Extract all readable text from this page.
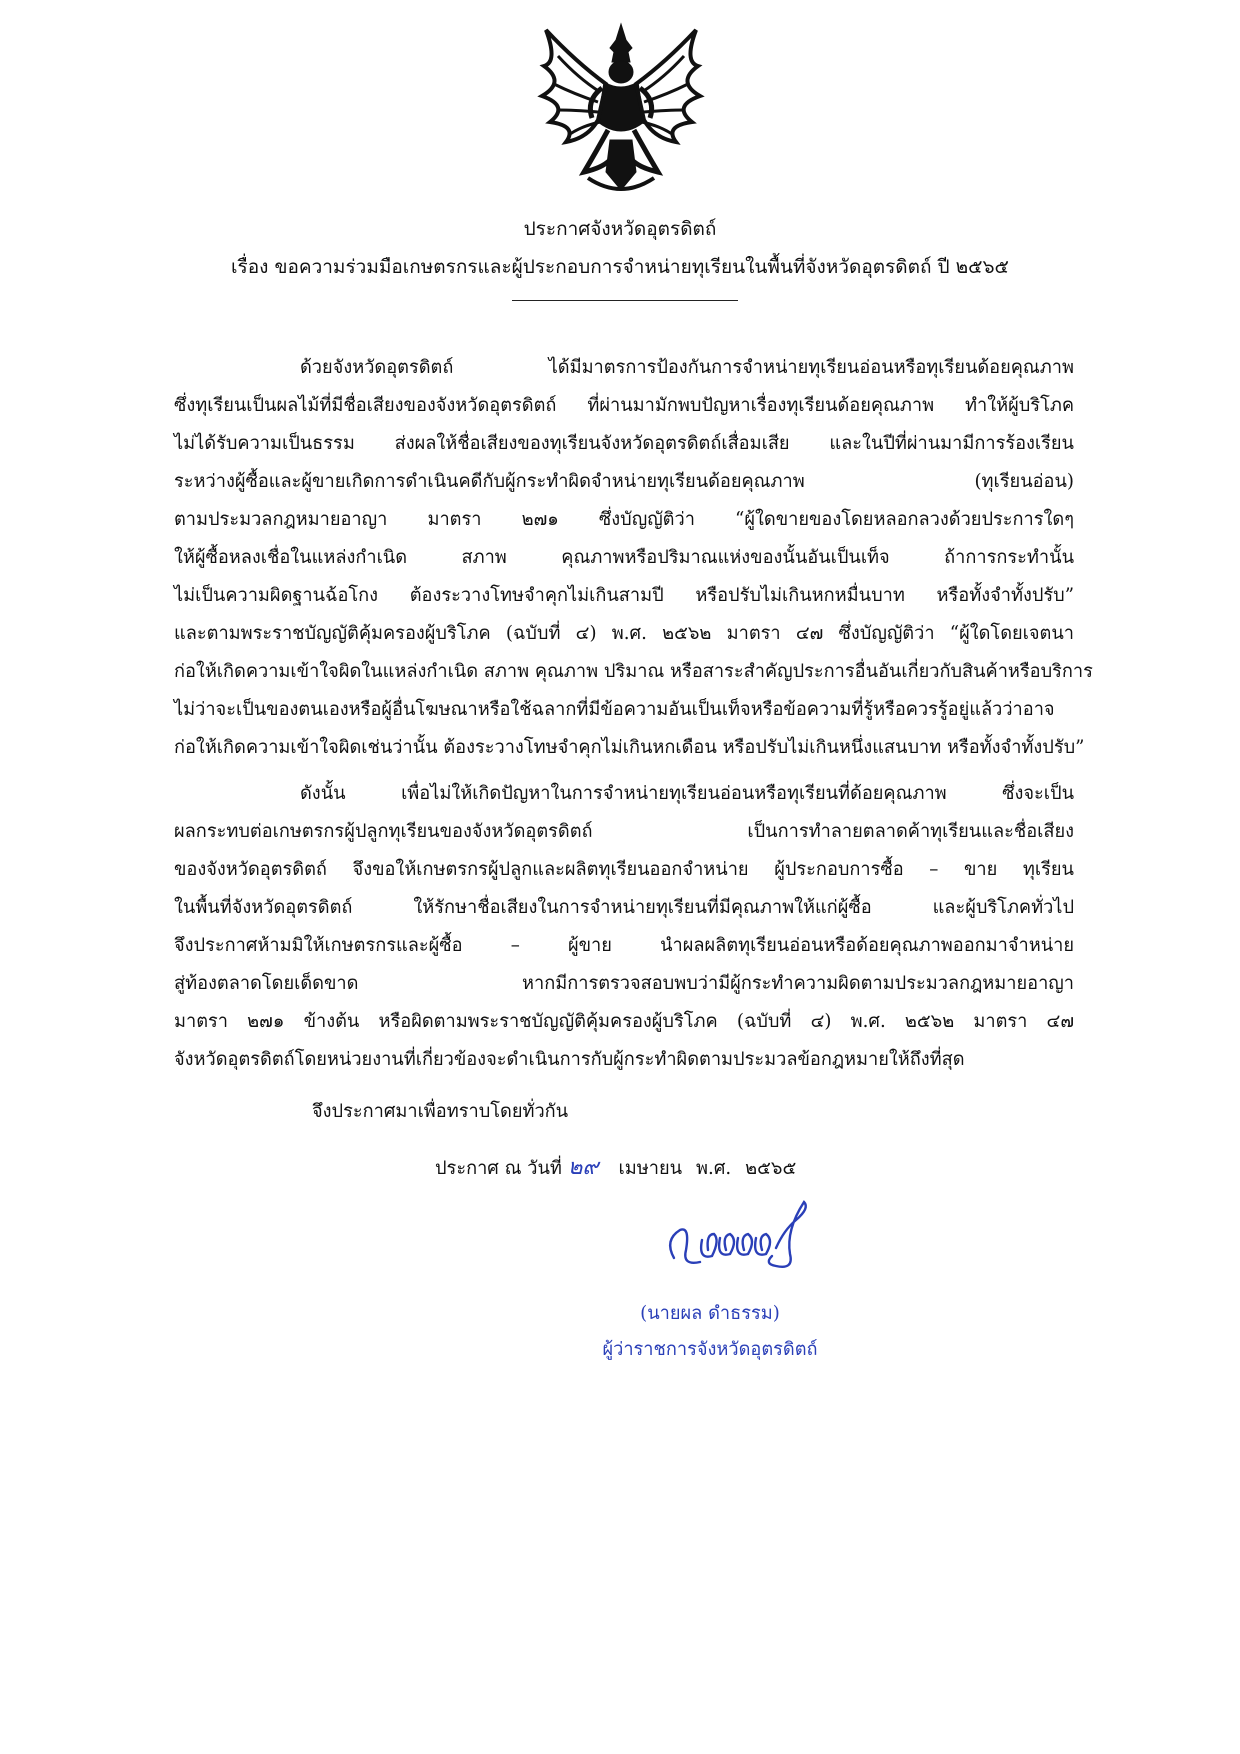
ประกาศจังหวัดอุตรดิตถ์
เรื่อง ขอความร่วมมือเกษตรกรและผู้ประกอบการจำหน่ายทุเรียนในพื้นที่จังหวัดอุตรดิตถ์ ปี ๒๕๖๕
ด้วยจังหวัดอุตรดิตถ์ ได้มีมาตรการป้องกันการจำหน่ายทุเรียนอ่อนหรือทุเรียนด้อยคุณภาพ
ซึ่งทุเรียนเป็นผลไม้ที่มีชื่อเสียงของจังหวัดอุตรดิตถ์ ที่ผ่านมามักพบปัญหาเรื่องทุเรียนด้อยคุณภาพ ทำให้ผู้บริโภค
ไม่ได้รับความเป็นธรรม ส่งผลให้ชื่อเสียงของทุเรียนจังหวัดอุตรดิตถ์เสื่อมเสีย และในปีที่ผ่านมามีการร้องเรียน
ระหว่างผู้ซื้อและผู้ขายเกิดการดำเนินคดีกับผู้กระทำผิดจำหน่ายทุเรียนด้อยคุณภาพ (ทุเรียนอ่อน)
ตามประมวลกฎหมายอาญา มาตรา ๒๗๑ ซึ่งบัญญัติว่า “ผู้ใดขายของโดยหลอกลวงด้วยประการใดๆ
ให้ผู้ซื้อหลงเชื่อในแหล่งกำเนิด สภาพ คุณภาพหรือปริมาณแห่งของนั้นอันเป็นเท็จ ถ้าการกระทำนั้น
ไม่เป็นความผิดฐานฉ้อโกง ต้องระวางโทษจำคุกไม่เกินสามปี หรือปรับไม่เกินหกหมื่นบาท หรือทั้งจำทั้งปรับ”
และตามพระราชบัญญัติคุ้มครองผู้บริโภค (ฉบับที่ ๔) พ.ศ. ๒๕๖๒ มาตรา ๔๗ ซึ่งบัญญัติว่า “ผู้ใดโดยเจตนา
ก่อให้เกิดความเข้าใจผิดในแหล่งกำเนิด สภาพ คุณภาพ ปริมาณ หรือสาระสำคัญประการอื่นอันเกี่ยวกับสินค้าหรือบริการ
ไม่ว่าจะเป็นของตนเองหรือผู้อื่นโฆษณาหรือใช้ฉลากที่มีข้อความอันเป็นเท็จหรือข้อความที่รู้หรือควรรู้อยู่แล้วว่าอาจ
ก่อให้เกิดความเข้าใจผิดเช่นว่านั้น ต้องระวางโทษจำคุกไม่เกินหกเดือน หรือปรับไม่เกินหนึ่งแสนบาท หรือทั้งจำทั้งปรับ”
ดังนั้น เพื่อไม่ให้เกิดปัญหาในการจำหน่ายทุเรียนอ่อนหรือทุเรียนที่ด้อยคุณภาพ ซึ่งจะเป็น
ผลกระทบต่อเกษตรกรผู้ปลูกทุเรียนของจังหวัดอุตรดิตถ์ เป็นการทำลายตลาดค้าทุเรียนและชื่อเสียง
ของจังหวัดอุตรดิตถ์ จึงขอให้เกษตรกรผู้ปลูกและผลิตทุเรียนออกจำหน่าย ผู้ประกอบการซื้อ – ขาย ทุเรียน
ในพื้นที่จังหวัดอุตรดิตถ์ ให้รักษาชื่อเสียงในการจำหน่ายทุเรียนที่มีคุณภาพให้แก่ผู้ซื้อ และผู้บริโภคทั่วไป
จึงประกาศห้ามมิให้เกษตรกรและผู้ซื้อ – ผู้ขาย นำผลผลิตทุเรียนอ่อนหรือด้อยคุณภาพออกมาจำหน่าย
สู่ท้องตลาดโดยเด็ดขาด หากมีการตรวจสอบพบว่ามีผู้กระทำความผิดตามประมวลกฎหมายอาญา
มาตรา ๒๗๑ ข้างต้น หรือผิดตามพระราชบัญญัติคุ้มครองผู้บริโภค (ฉบับที่ ๔) พ.ศ. ๒๕๖๒ มาตรา ๔๗
จังหวัดอุตรดิตถ์โดยหน่วยงานที่เกี่ยวข้องจะดำเนินการกับผู้กระทำผิดตามประมวลข้อกฎหมายให้ถึงที่สุด
จึงประกาศมาเพื่อทราบโดยทั่วกัน
ประกาศ ณ วันที่ ๒๙ เมษายน พ.ศ. ๒๕๖๕
(นายผล ดำธรรม)
ผู้ว่าราชการจังหวัดอุตรดิตถ์
